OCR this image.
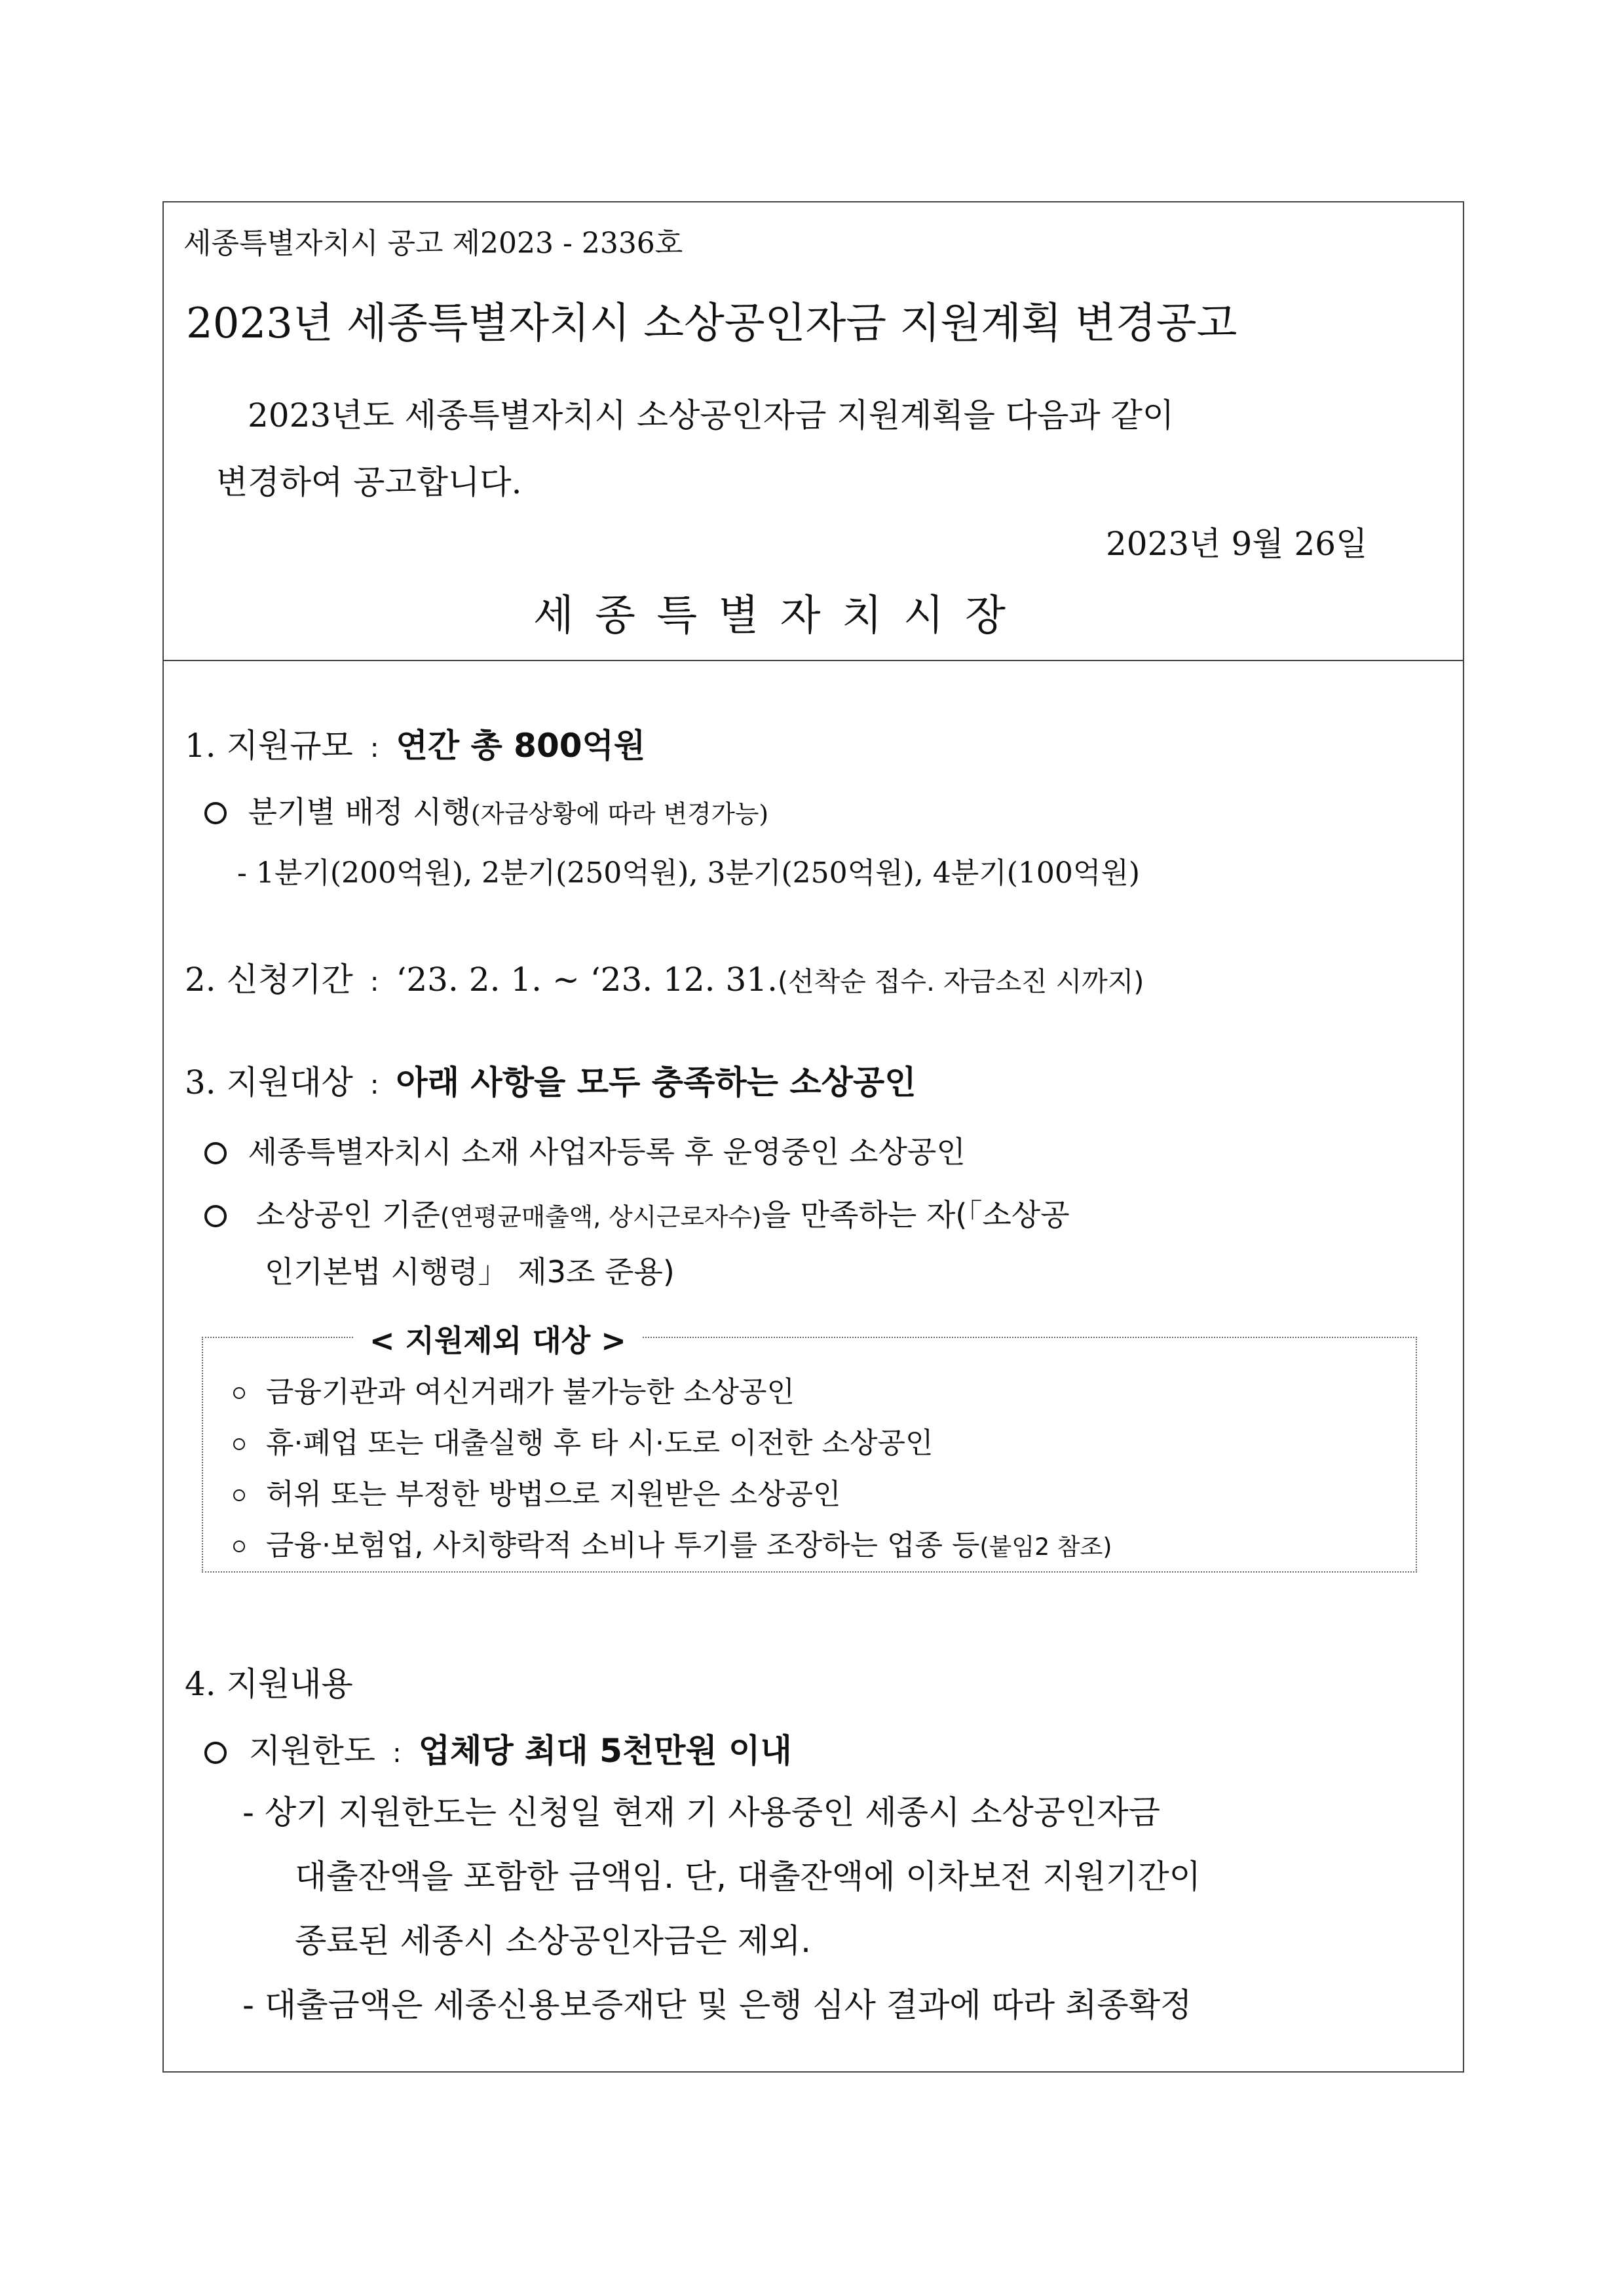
세종특별자치시 공고 제2023 - 2336호
2023년 세종특별자치시 소상공인자금 지원계획 변경공고
2023년도 세종특별자치시 소상공인자금 지원계획을 다음과 같이
변경하여 공고합니다.
2023년 9월 26일
세 종 특 별 자 치 시 장
1. 지원규모 : 연간 총 800억원
분기별 배정 시행(자금상황에 따라 변경가능)
- 1분기(200억원), 2분기(250억원), 3분기(250억원), 4분기(100억원)
2. 신청기간 : ‘23. 2. 1. ~ ‘23. 12. 31.(선착순 접수. 자금소진 시까지)
3. 지원대상 : 아래 사항을 모두 충족하는 소상공인
세종특별자치시 소재 사업자등록 후 운영중인 소상공인
소상공인 기준(연평균매출액, 상시근로자수)을 만족하는 자(「소상공
인기본법 시행령」 제3조 준용)
< 지원제외 대상 >
금융기관과 여신거래가 불가능한 소상공인
휴·폐업 또는 대출실행 후 타 시·도로 이전한 소상공인
허위 또는 부정한 방법으로 지원받은 소상공인
금융·보험업, 사치향락적 소비나 투기를 조장하는 업종 등(붙임2 참조)
4. 지원내용
지원한도 : 업체당 최대 5천만원 이내
- 상기 지원한도는 신청일 현재 기 사용중인 세종시 소상공인자금
대출잔액을 포함한 금액임. 단, 대출잔액에 이차보전 지원기간이
종료된 세종시 소상공인자금은 제외.
- 대출금액은 세종신용보증재단 및 은행 심사 결과에 따라 최종확정
